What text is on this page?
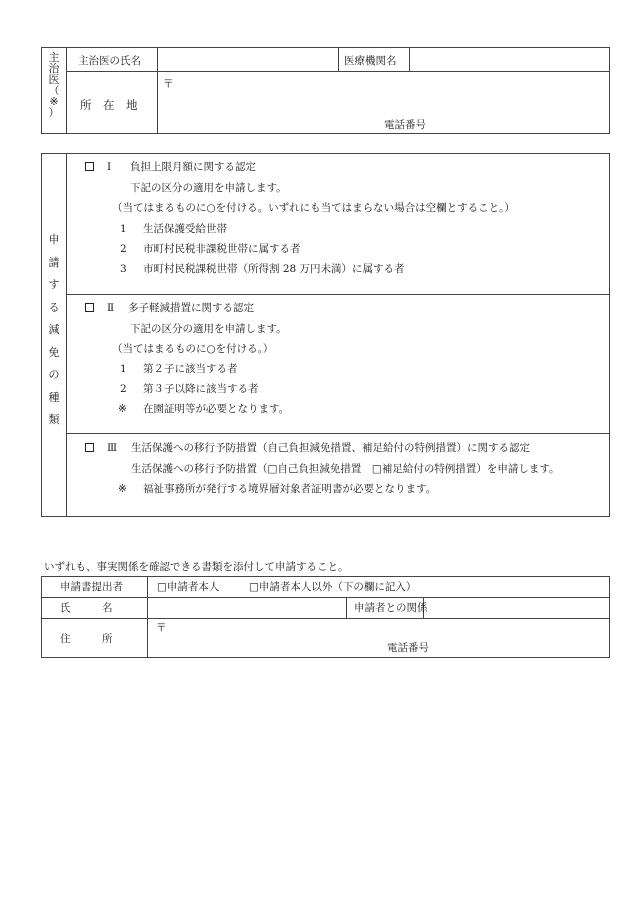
主
治
医
（
※
）
主治医の氏名	医療機関名
所　在　地
〒
電話番号
申
請
す
る
減
免
の
種
類
Ⅰ 負担上限月額に関する認定
下記の区分の適用を申請します。
（当てはまるものに○を付ける。いずれにも当てはまらない場合は空欄とすること。）
1 生活保護受給世帯
2 市町村民税非課税世帯に属する者
3 市町村民税課税世帯（所得割 28 万円未満）に属する者
Ⅱ 多子軽減措置に関する認定
下記の区分の適用を申請します。
（当てはまるものに○を付ける。）
1 第２子に該当する者
2 第３子以降に該当する者
※ 在園証明等が必要となります。
Ⅲ 生活保護への移行予防措置（自己負担減免措置、補足給付の特例措置）に関する認定
生活保護への移行予防措置（□自己負担減免措置　□補足給付の特例措置）を申請します。
※ 福祉事務所が発行する境界層対象者証明書が必要となります。
いずれも、事実関係を確認できる書類を添付して申請すること。
申請書提出者	□申請者本人	□申請者本人以外（下の欄に記入）
氏　　　名	申請者との関係
住　　　所
〒
電話番号
